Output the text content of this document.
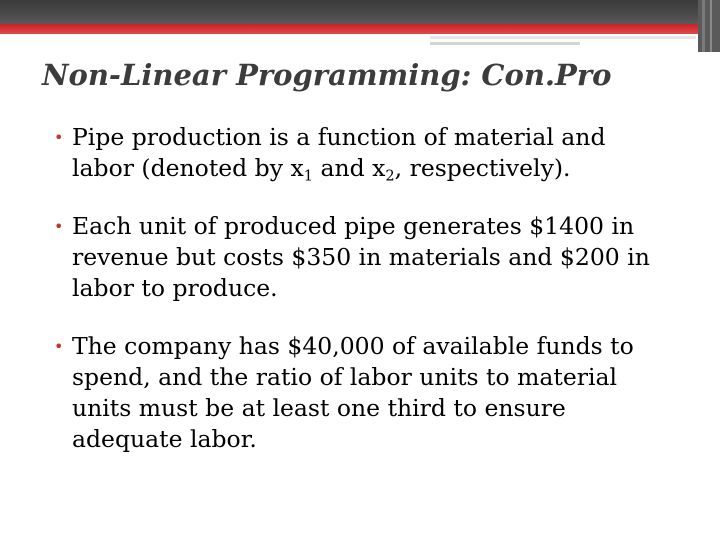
Non-Linear Programming: Con.Pro
• Pipe production is a function of material and labor (denoted by $x_1$ and $x_2$, respectively).
• Each unit of produced pipe generates $1400 in revenue but costs $350 in materials and $200 in labor to produce.
• The company has $40,000 of available funds to spend, and the ratio of labor units to material units must be at least one third to ensure adequate labor.
